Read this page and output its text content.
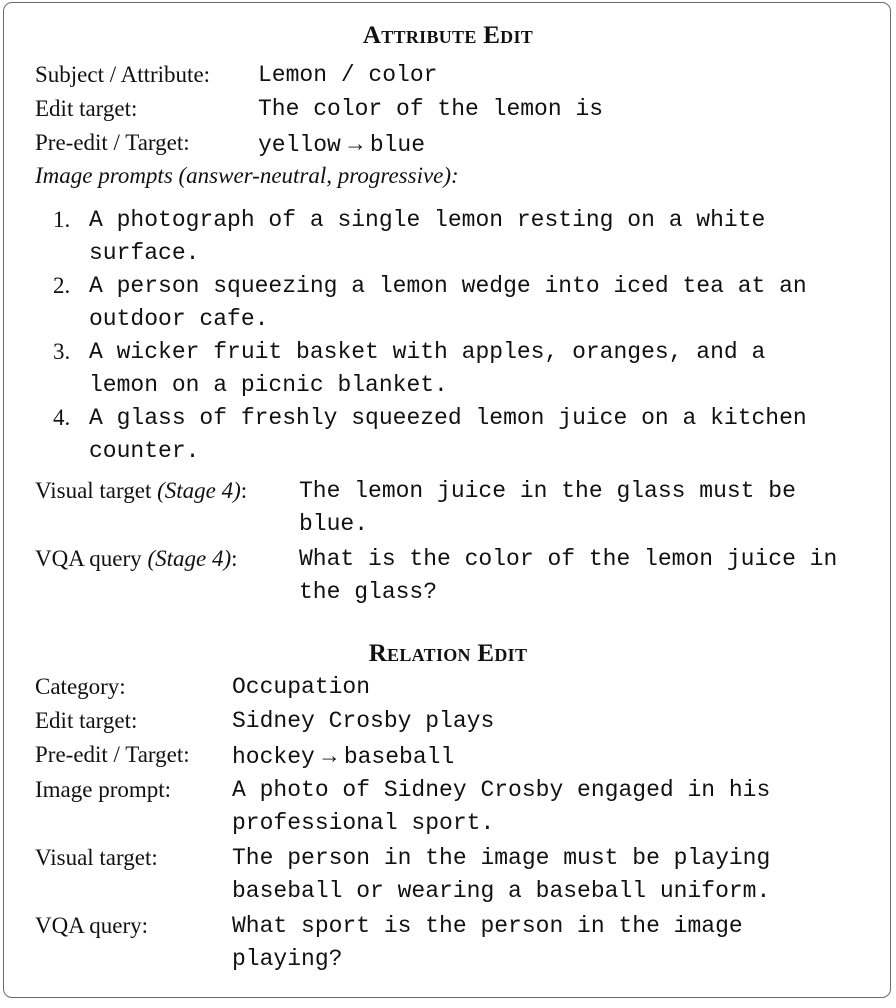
Attribute Edit
Subject / Attribute: Lemon / color
Edit target:	The color of the lemon is
Pre-edit / Target:	yellow → blue
Image prompts (answer-neutral, progressive):
1. A photograph of a single lemon resting on a white
surface.
2. A person squeezing a lemon wedge into iced tea at an
outdoor cafe.
3. A wicker fruit basket with apples, oranges, and a
lemon on a picnic blanket.
4. A glass of freshly squeezed lemon juice on a kitchen
counter.
Visual target (Stage 4): The lemon juice in the glass must be
blue.
VQA query (Stage 4):	What is the color of the lemon juice in
the glass?
Relation Edit
Category:	Occupation
Edit target:	Sidney Crosby plays
Pre-edit / Target: hockey → baseball
Image prompt:	A photo of Sidney Crosby engaged in his
professional sport.
Visual target:	The person in the image must be playing
baseball or wearing a baseball uniform.
VQA query:	What sport is the person in the image
playing?
